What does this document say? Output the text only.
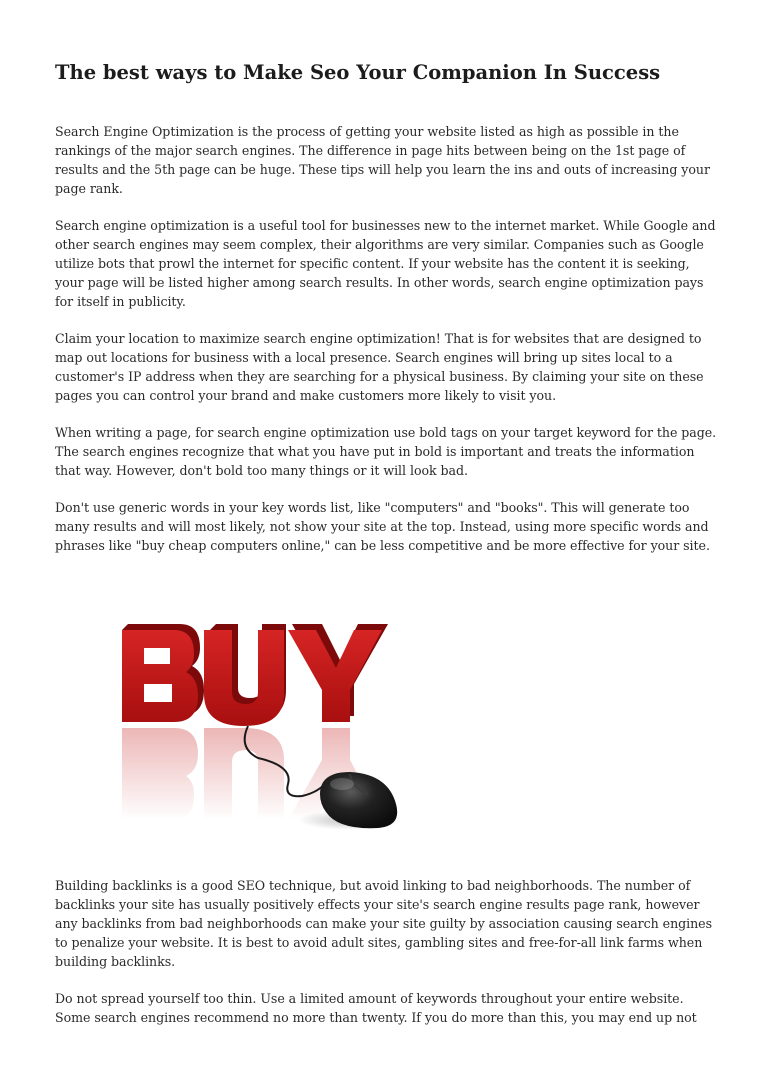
The best ways to Make Seo Your Companion In Success

Search Engine Optimization is the process of getting your website listed as high as possible in the rankings of the major search engines. The difference in page hits between being on the 1st page of results and the 5th page can be huge. These tips will help you learn the ins and outs of increasing your page rank.

Search engine optimization is a useful tool for businesses new to the internet market. While Google and other search engines may seem complex, their algorithms are very similar. Companies such as Google utilize bots that prowl the internet for specific content. If your website has the content it is seeking, your page will be listed higher among search results. In other words, search engine optimization pays for itself in publicity.

Claim your location to maximize search engine optimization! That is for websites that are designed to map out locations for business with a local presence. Search engines will bring up sites local to a customer's IP address when they are searching for a physical business. By claiming your site on these pages you can control your brand and make customers more likely to visit you.

When writing a page, for search engine optimization use bold tags on your target keyword for the page. The search engines recognize that what you have put in bold is important and treats the information that way. However, don't bold too many things or it will look bad.

Don't use generic words in your key words list, like "computers" and "books". This will generate too many results and will most likely, not show your site at the top. Instead, using more specific words and phrases like "buy cheap computers online," can be less competitive and be more effective for your site.

Building backlinks is a good SEO technique, but avoid linking to bad neighborhoods. The number of backlinks your site has usually positively effects your site's search engine results page rank, however any backlinks from bad neighborhoods can make your site guilty by association causing search engines to penalize your website. It is best to avoid adult sites, gambling sites and free-for-all link farms when building backlinks.

Do not spread yourself too thin. Use a limited amount of keywords throughout your entire website. Some search engines recommend no more than twenty. If you do more than this, you may end up not
